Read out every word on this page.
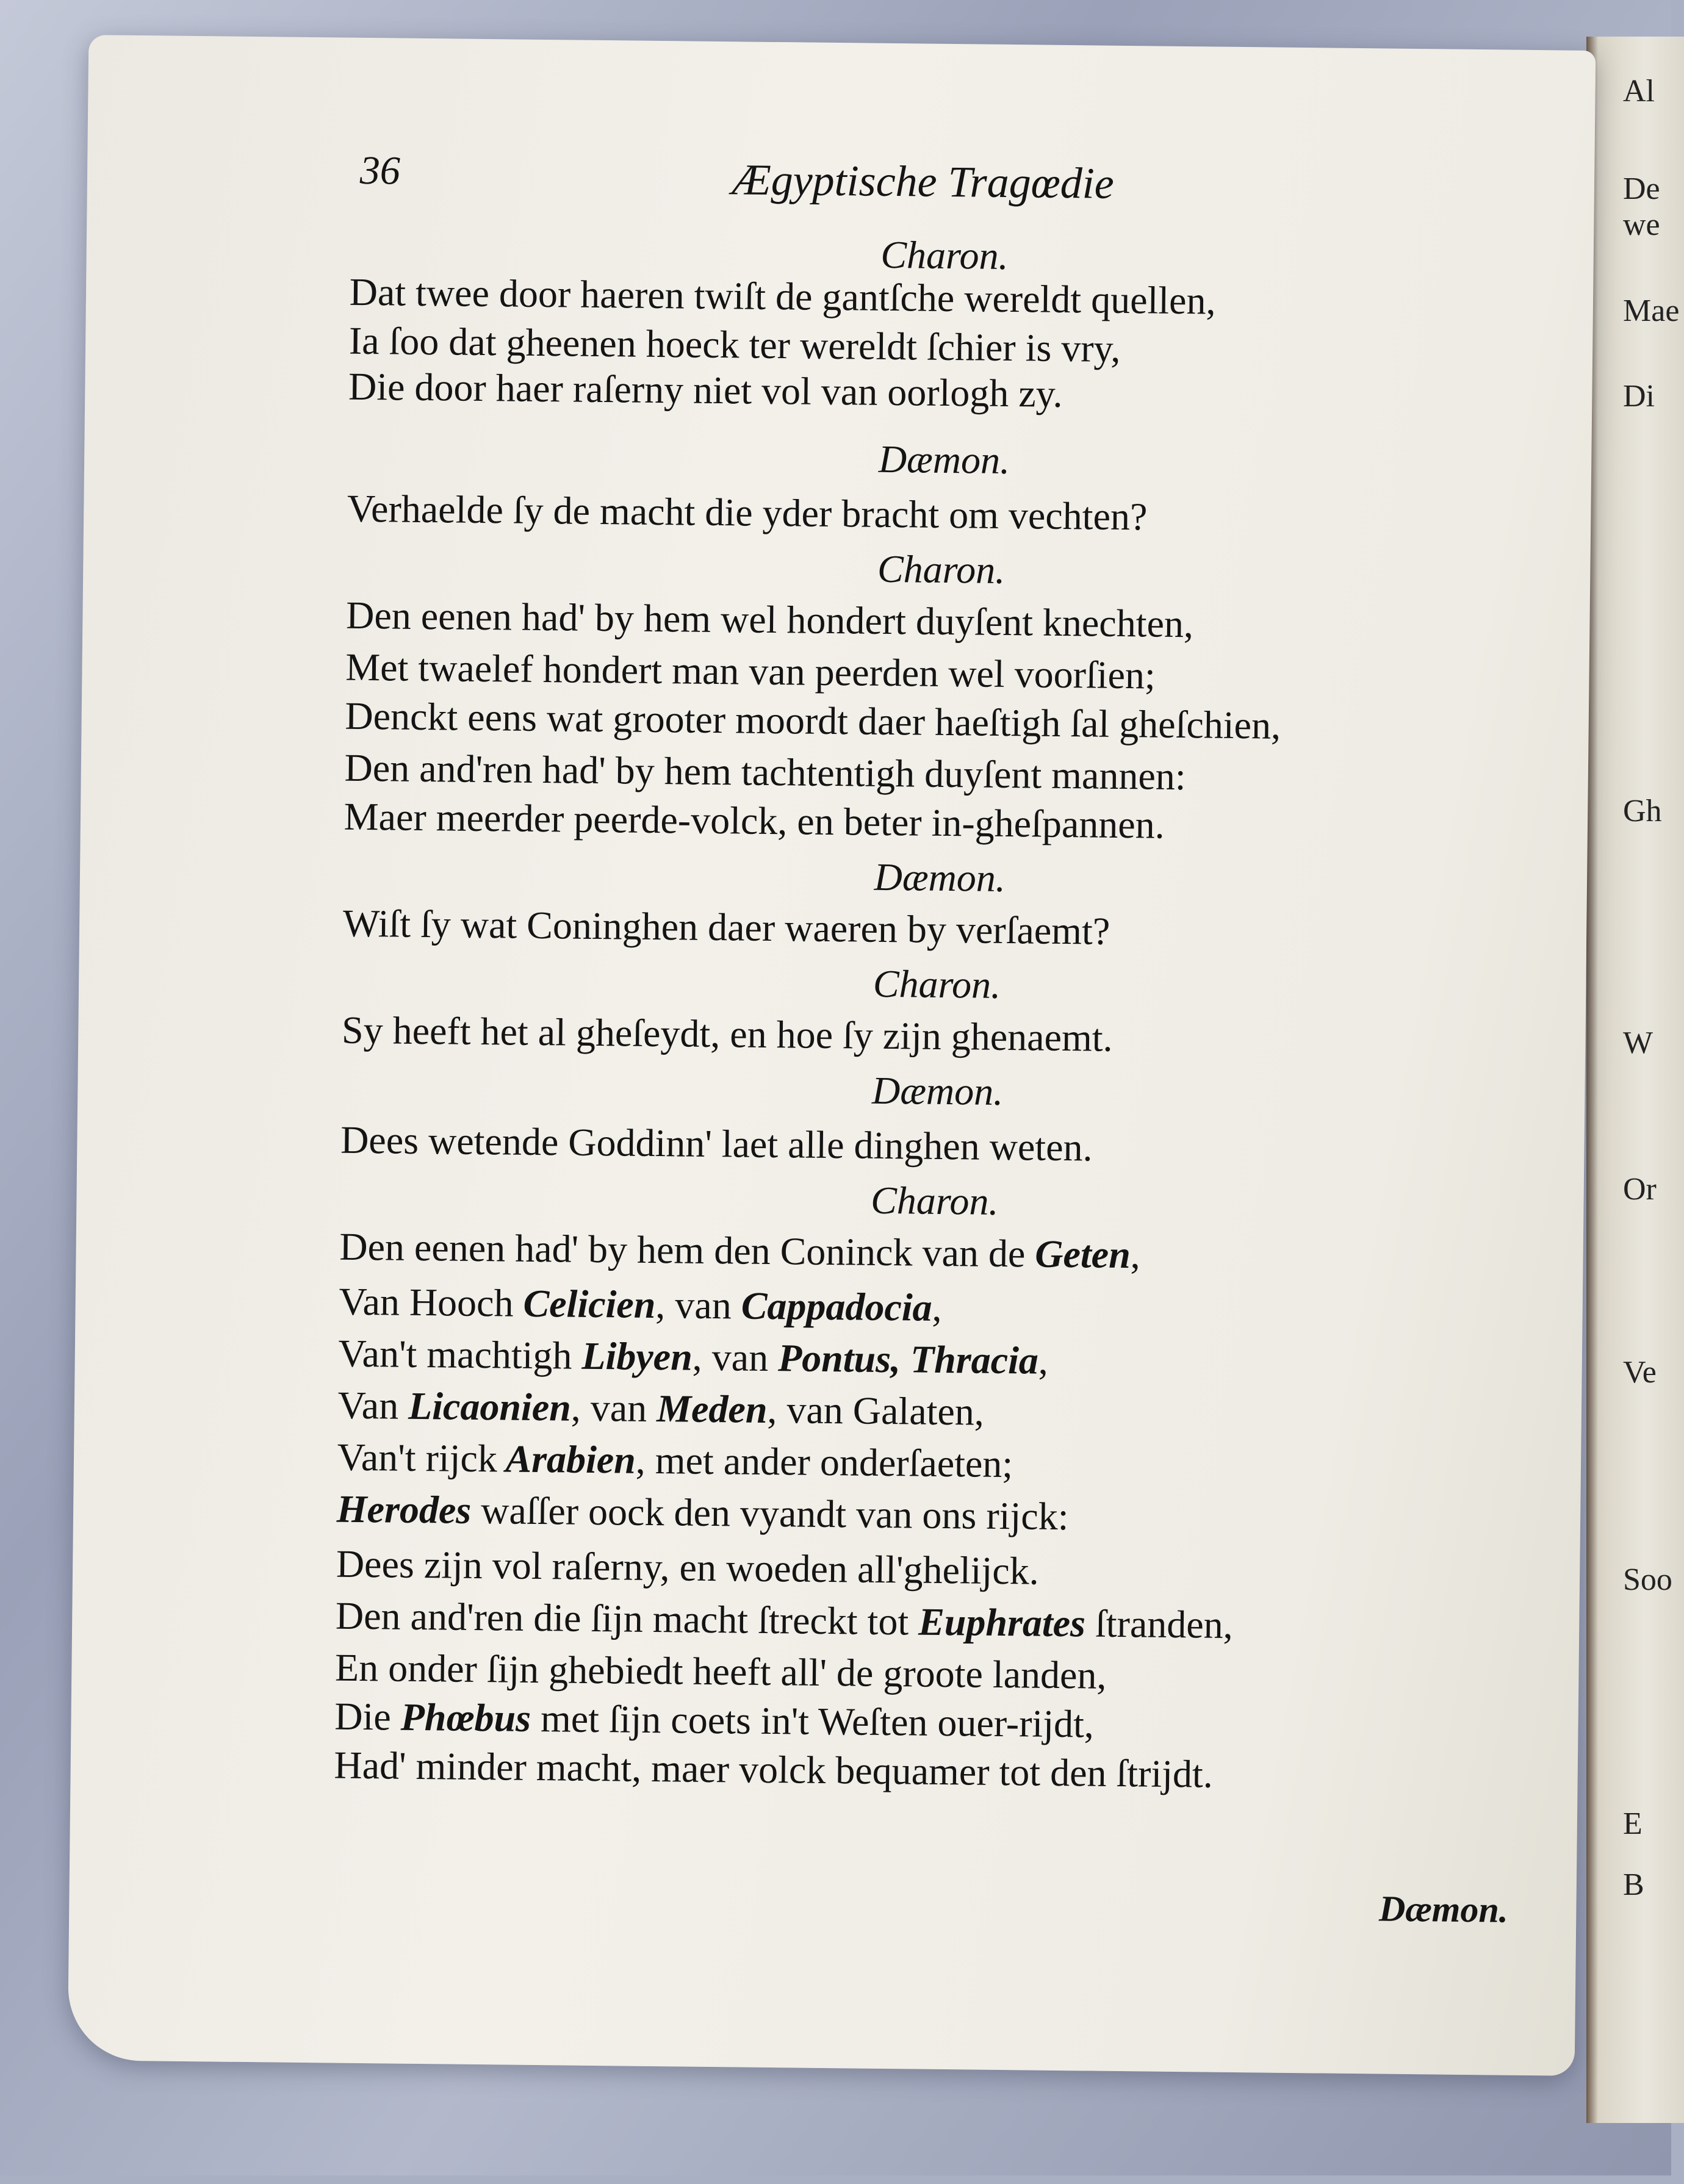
Al
De we
Mae
Di
Gh
W
Or
Ve
Soo
E
B
36	Ægyptische Tragœdie
Charon.
Dat twee door haeren twiſt de gantſche wereldt quellen,
Ia ſoo dat gheenen hoeck ter wereldt ſchier is vry,
Die door haer raſerny niet vol van oorlogh zy.
Dæmon.
Verhaelde ſy de macht die yder bracht om vechten?
Charon.
Den eenen had' by hem wel hondert duyſent knechten,
Met twaelef hondert man van peerden wel voorſien;
Denckt eens wat grooter moordt daer haeſtigh ſal gheſchien,
Den and'ren had' by hem tachtentigh duyſent mannen:
Maer meerder peerde-volck, en beter in-gheſpannen.
Dæmon.
Wiſt ſy wat Coninghen daer waeren by verſaemt?
Charon.
Sy heeft het al gheſeydt, en hoe ſy zijn ghenaemt.
Dæmon.
Dees wetende Goddinn' laet alle dinghen weten.
Charon.
Den eenen had' by hem den Coninck van de Geten,
Van Hooch Celicien, van Cappadocia,
Van't machtigh Libyen, van Pontus, Thracia,
Van Licaonien, van Meden, van Galaten,
Van't rijck Arabien, met ander onderſaeten;
Herodes waſſer oock den vyandt van ons rijck:
Dees zijn vol raſerny, en woeden all'ghelijck.
Den and'ren die ſijn macht ſtreckt tot Euphrates ſtranden,
En onder ſijn ghebiedt heeft all' de groote landen,
Die Phœbus met ſijn coets in't Weſten ouer-rijdt,
Had' minder macht, maer volck bequamer tot den ſtrijdt.
Dæmon.
